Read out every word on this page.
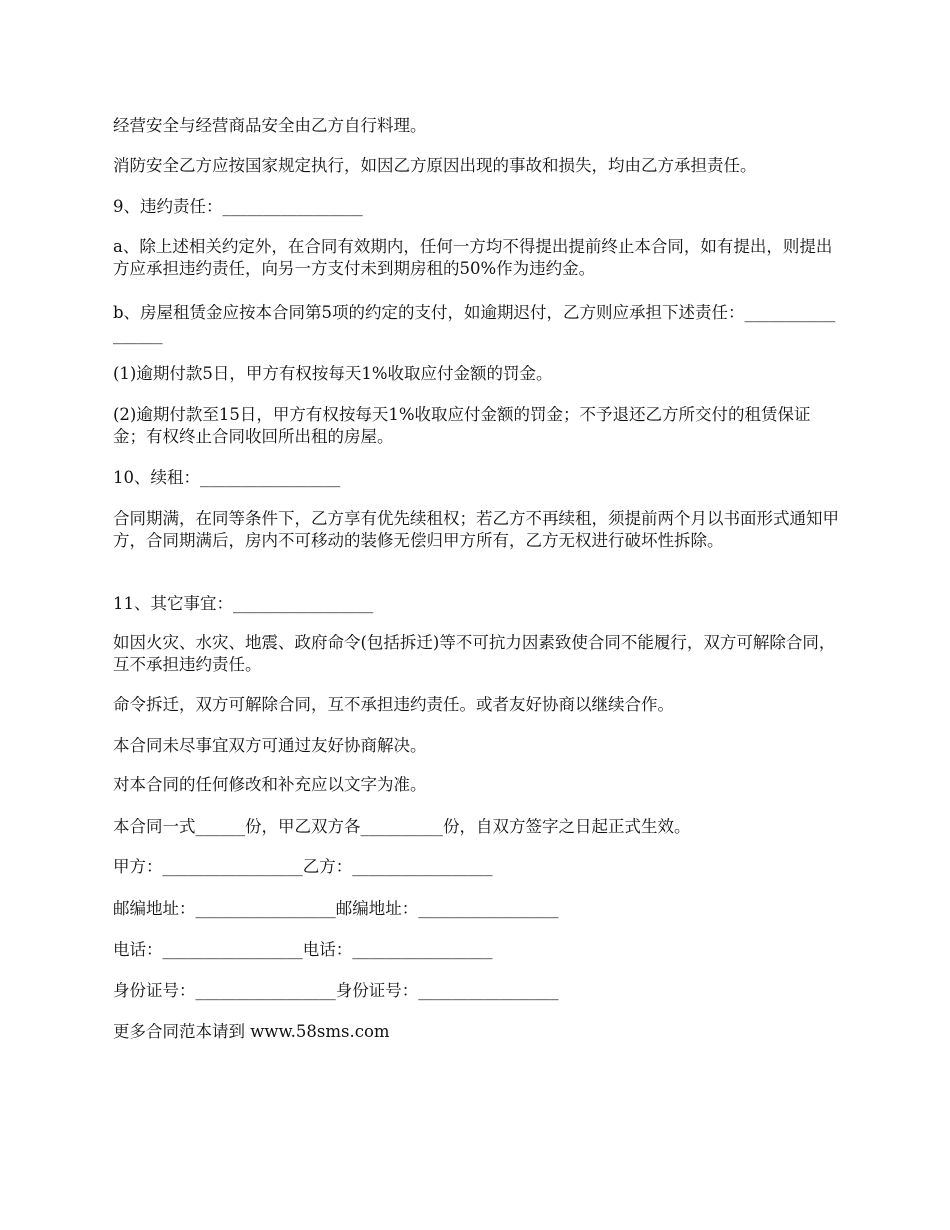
经营安全与经营商品安全由乙方自行料理。

消防安全乙方应按国家规定执行，如因乙方原因出现的事故和损失，均由乙方承担责任。

9、违约责任：_________________

a、除上述相关约定外，在合同有效期内，任何一方均不得提出提前终止本合同，如有提出，则提出方应承担违约责任，向另一方支付未到期房租的50%作为违约金。

b、房屋租赁金应按本合同第5项的约定的支付，如逾期迟付，乙方则应承担下述责任：_________________

(1)逾期付款5日，甲方有权按每天1%收取应付金额的罚金。

(2)逾期付款至15日，甲方有权按每天1%收取应付金额的罚金；不予退还乙方所交付的租赁保证金；有权终止合同收回所出租的房屋。

10、续租：_________________

合同期满，在同等条件下，乙方享有优先续租权；若乙方不再续租，须提前两个月以书面形式通知甲方，合同期满后，房内不可移动的装修无偿归甲方所有，乙方无权进行破坏性拆除。

11、其它事宜：_________________

如因火灾、水灾、地震、政府命令(包括拆迁)等不可抗力因素致使合同不能履行，双方可解除合同，互不承担违约责任。

命令拆迁，双方可解除合同，互不承担违约责任。或者友好协商以继续合作。

本合同未尽事宜双方可通过友好协商解决。

对本合同的任何修改和补充应以文字为准。

本合同一式______份，甲乙双方各__________份，自双方签字之日起正式生效。

甲方：_________________乙方：_________________

邮编地址：_________________邮编地址：_________________

电话：_________________电话：_________________

身份证号：_________________身份证号：_________________

更多合同范本请到 www.58sms.com
